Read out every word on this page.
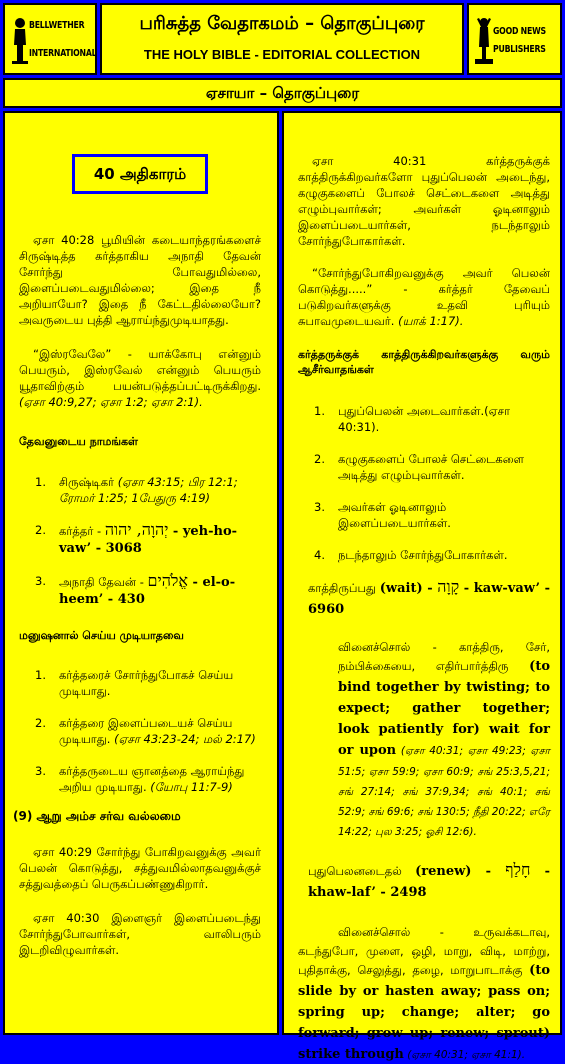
BELLWETHER
INTERNATIONAL
பரிசுத்த வேதாகமம் – தொகுப்புரை
THE HOLY BIBLE - EDITORIAL COLLECTION
GOOD NEWS
PUBLISHERS
ஏசாயா – தொகுப்புரை
40 அதிகாரம்
ஏசா 40:28 பூமியின் கடையாந்தரங்களைச் சிருஷ்டித்த கர்த்தாகிய அநாதி தேவன் சோர்ந்து போவதுமில்லை, இளைப்படைவதுமில்லை; இதை நீ அறியாயோ? இதை நீ கேட்டதில்லையோ? அவருடைய புத்தி ஆராய்ந்துமுடியாதது.
“இஸ்ரவேலே” - யாக்கோபு என்னும் பெயரும், இஸ்ரவேல் என்னும் பெயரும் யூதாவிற்கும் பயன்படுத்தப்பட்டிருக்கிறது. (ஏசா 40:9,27; ஏசா 1:2; ஏசா 2:1).
தேவனுடைய நாமங்கள்
1. சிருஷ்டிகர் (ஏசா 43:15; பிர 12:1; ரோமர் 1:25; 1பேதுரு 4:19)
2. கர்த்தர் - יְהוָה, יהוה - yeh-ho-vaw’ - 3068
3. அநாதி தேவன் - אֱלֹהִים - el-o-heem’ - 430
மனுஷனால் செய்ய முடியாதவை
1. கர்த்தரைச் சோர்ந்துபோகச் செய்ய முடியாது.
2. கர்த்தரை இளைப்படையச் செய்ய முடியாது. (ஏசா 43:23-24; மல் 2:17)
3. கர்த்தருடைய ஞானத்தை ஆராய்ந்து அறிய முடியாது. (யோபு 11:7-9)
(9) ஆறு அம்ச சர்வ வல்லமை
ஏசா 40:29 சோர்ந்து போகிறவனுக்கு அவர் பெலன் கொடுத்து, சத்துவமில்லாதவனுக்குச் சத்துவத்தைப் பெருகப்பண்ணுகிறார்.
ஏசா 40:30 இளைஞர் இளைப்படைந்து சோர்ந்துபோவார்கள், வாலிபரும் இடறிவிழுவார்கள்.
ஏசா 40:31 கர்த்தருக்குக் காத்திருக்கிறவர்களோ புதுப்பெலன் அடைந்து, கழுகுகளைப் போலச் செட்டைகளை அடித்து எழும்புவார்கள்; அவர்கள் ஓடினாலும் இளைப்படையார்கள், நடந்தாலும் சோர்ந்துபோகார்கள்.
“சோர்ந்துபோகிறவனுக்கு அவர் பெலன் கொடுத்து.....” - கர்த்தர் தேவைப் படுகிறவர்களுக்கு உதவி புரியும் சுபாவமுடையவர். (யாக் 1:17).
கர்த்தருக்குக் காத்திருக்கிறவர்களுக்கு வரும் ஆசீர்வாதங்கள்
1. புதுப்பெலன் அடைவார்கள்.(ஏசா 40:31).
2. கழுகுகளைப் போலச் செட்டைகளை அடித்து எழும்புவார்கள்.
3. அவர்கள் ஓடினாலும் இளைப்படையார்கள்.
4. நடந்தாலும் சோர்ந்துபோகார்கள்.
காத்திருப்பது (wait) - קָוָה - kaw-vaw’ - 6960
வினைச்சொல் - காத்திரு, சேர், நம்பிக்கையை, எதிர்பார்த்திரு (to bind together by twisting; to expect; gather together; look patiently for) wait for or upon (ஏசா 40:31; ஏசா 49:23; ஏசா 51:5; ஏசா 59:9; ஏசா 60:9; சங் 25:3,5,21; சங் 27:14; சங் 37:9,34; சங் 40:1; சங் 52:9; சங் 69:6; சங் 130:5; நீதி 20:22; எரே 14:22; புல 3:25; ஓசி 12:6).
புதுபெலனடைதல் (renew) - חָלַף - khaw-laf’ - 2498
வினைச்சொல் - உருவக்கடாவு, கடந்துபோ, முளை, ஒழி, மாறு, விடி, மாற்று, புதிதாக்கு, செலுத்து, தழை, மாறுபாடாக்கு (to slide by or hasten away; pass on; spring up; change; alter; go forward; grow up; renew; sprout) strike through (ஏசா 40:31; ஏசா 41:1).
